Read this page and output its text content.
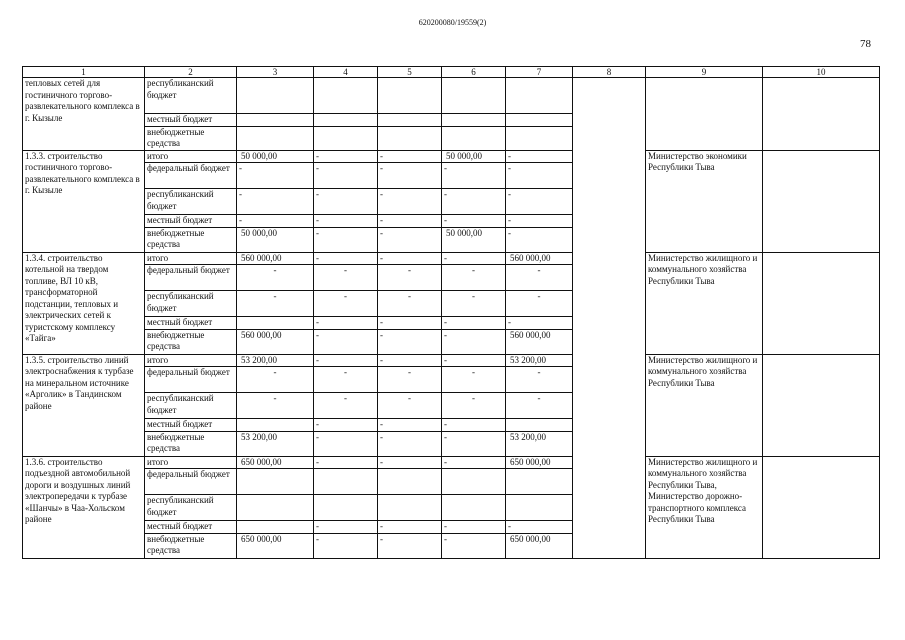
620200080/19559(2)
78
1	2	3	4	5	6	7	8	9	10
тепловых сетей для гостиничного торгово-развлекательного комплекса в г. Кызыле	республиканский бюджет								
	местный бюджет								
	внебюджетные средства								
1.3.3. строительство гостиничного торгово-развлекательного комплекса в г. Кызыле	итого	50 000,00	-	-	50 000,00	-		Министерство экономики Республики Тыва	
	федеральный бюджет	-	-	-	-	-			
	республиканский бюджет	-	-	-	-	-			
	местный бюджет	-	-	-	-	-			
	внебюджетные средства	50 000,00	-	-	50 000,00	-			
1.3.4. строительство котельной на твердом топливе, ВЛ 10 кВ, трансформаторной подстанции, тепловых и электрических сетей к туристскому комплексу «Тайга»	итого	560 000,00	-	-	-	560 000,00		Министерство жилищного и коммунального хозяйства Республики Тыва	
	федеральный бюджет	-	-	-	-	-			
	республиканский бюджет	-	-	-	-	-			
	местный бюджет		-	-	-	-			
	внебюджетные средства	560 000,00	-	-	-	560 000,00			
1.3.5. строительство линий электроснабжения к турбазе на минеральном источнике «Арголик» в Тандинском районе	итого	53 200,00	-	-	-	53 200,00		Министерство жилищного и коммунального хозяйства Республики Тыва	
	федеральный бюджет	-	-	-	-	-			
	республиканский бюджет	-	-	-	-	-			
	местный бюджет		-	-	-				
	внебюджетные средства	53 200,00	-	-	-	53 200,00			
1.3.6. строительство подъездной автомобильной дороги и воздушных линий электропередачи к турбазе «Шанчы» в Чаа-Хольском районе	итого	650 000,00	-	-	-	650 000,00		Министерство жилищного и коммунального хозяйства Республики Тыва, Министерство дорожно-транспортного комплекса Республики Тыва	
	федеральный бюджет								
	республиканский бюджет								
	местный бюджет		-	-	-	-			
	внебюджетные средства	650 000,00	-	-	-	650 000,00			
